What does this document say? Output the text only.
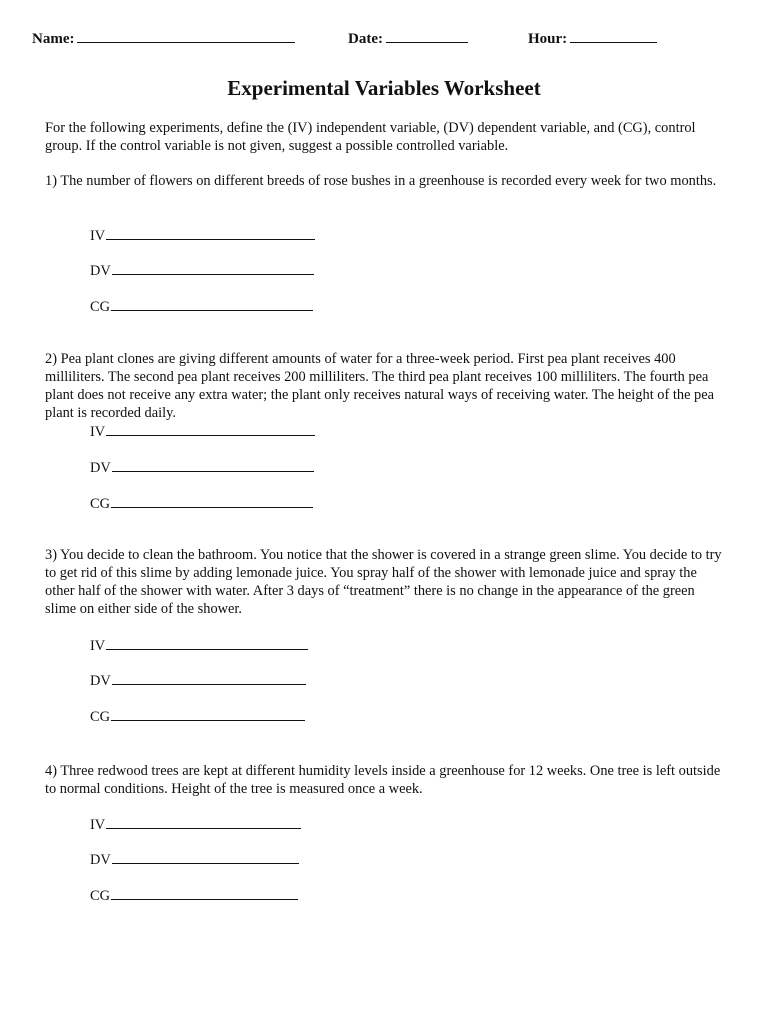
Name:	Date:	Hour:
Experimental Variables Worksheet
For the following experiments, define the (IV) independent variable, (DV) dependent variable, and (CG), control group. If the control variable is not given, suggest a possible controlled variable.
1) The number of flowers on different breeds of rose bushes in a greenhouse is recorded every week for two months.
IV
DV
CG
2) Pea plant clones are giving different amounts of water for a three-week period. First pea plant receives 400 milliliters. The second pea plant receives 200 milliliters. The third pea plant receives 100 milliliters. The fourth pea plant does not receive any extra water; the plant only receives natural ways of receiving water. The height of the pea plant is recorded daily.
IV
DV
CG
3) You decide to clean the bathroom. You notice that the shower is covered in a strange green slime. You decide to try to get rid of this slime by adding lemonade juice. You spray half of the shower with lemonade juice and spray the other half of the shower with water. After 3 days of “treatment” there is no change in the appearance of the green slime on either side of the shower.
IV
DV
CG
4) Three redwood trees are kept at different humidity levels inside a greenhouse for 12 weeks. One tree is left outside to normal conditions. Height of the tree is measured once a week.
IV
DV
CG
